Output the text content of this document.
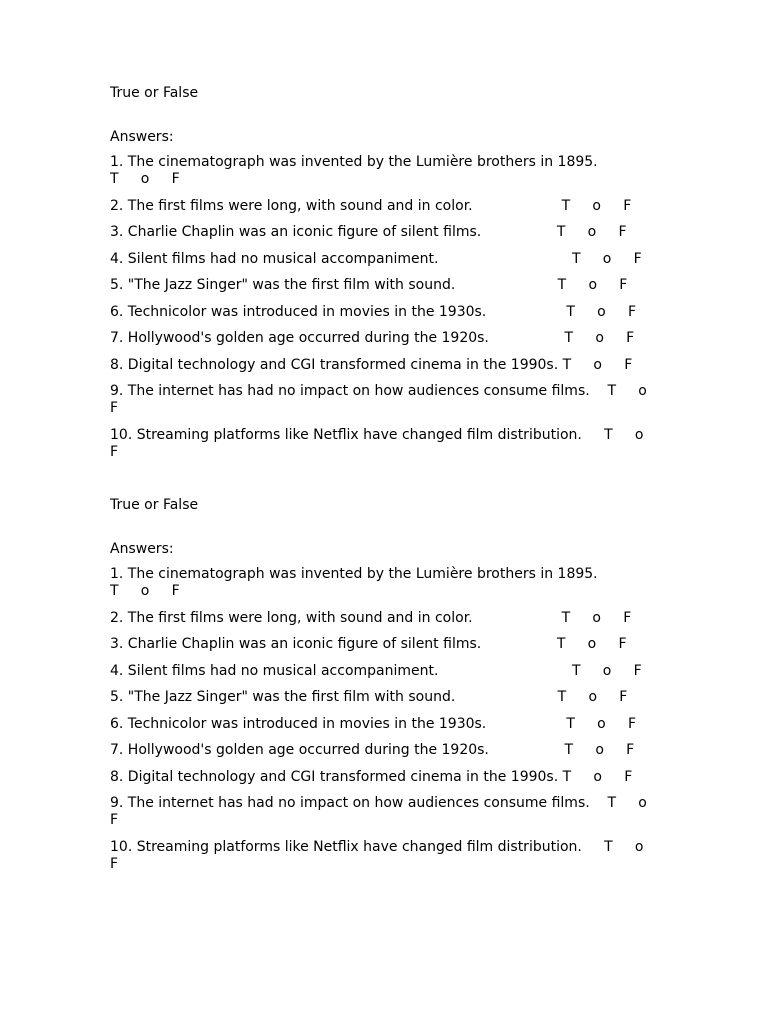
True or False
Answers:
1. The cinematograph was invented by the Lumière brothers in 1895.
T     o     F
2. The first films were long, with sound and in color.                    T     o     F
3. Charlie Chaplin was an iconic figure of silent films.                 T     o     F
4. Silent films had no musical accompaniment.                              T     o     F
5. "The Jazz Singer" was the first film with sound.                       T     o     F
6. Technicolor was introduced in movies in the 1930s.                  T     o     F
7. Hollywood's golden age occurred during the 1920s.                 T     o     F
8. Digital technology and CGI transformed cinema in the 1990s. T     o     F
9. The internet has had no impact on how audiences consume films.    T     o
F
10. Streaming platforms like Netflix have changed film distribution.     T     o
F
True or False
Answers:
1. The cinematograph was invented by the Lumière brothers in 1895.
T     o     F
2. The first films were long, with sound and in color.                    T     o     F
3. Charlie Chaplin was an iconic figure of silent films.                 T     o     F
4. Silent films had no musical accompaniment.                              T     o     F
5. "The Jazz Singer" was the first film with sound.                       T     o     F
6. Technicolor was introduced in movies in the 1930s.                  T     o     F
7. Hollywood's golden age occurred during the 1920s.                 T     o     F
8. Digital technology and CGI transformed cinema in the 1990s. T     o     F
9. The internet has had no impact on how audiences consume films.    T     o
F
10. Streaming platforms like Netflix have changed film distribution.     T     o
F
